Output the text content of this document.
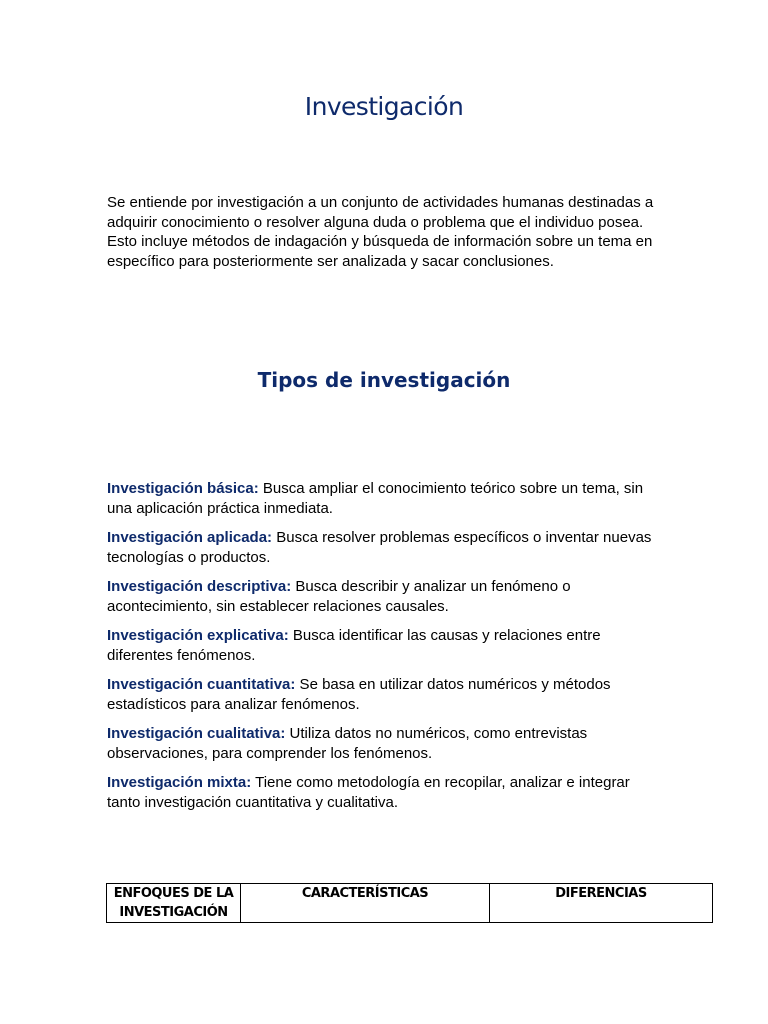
Investigación

Se entiende por investigación a un conjunto de actividades humanas destinadas a adquirir conocimiento o resolver alguna duda o problema que el individuo posea. Esto incluye métodos de indagación y búsqueda de información sobre un tema en específico para posteriormente ser analizada y sacar conclusiones.

Tipos de investigación
Investigación básica: Busca ampliar el conocimiento teórico sobre un tema, sin una aplicación práctica inmediata.
Investigación aplicada: Busca resolver problemas específicos o inventar nuevas tecnologías o productos.
Investigación descriptiva: Busca describir y analizar un fenómeno o acontecimiento, sin establecer relaciones causales.
Investigación explicativa: Busca identificar las causas y relaciones entre diferentes fenómenos.
Investigación cuantitativa: Se basa en utilizar datos numéricos y métodos estadísticos para analizar fenómenos.
Investigación cualitativa: Utiliza datos no numéricos, como entrevistas observaciones, para comprender los fenómenos.
Investigación mixta: Tiene como metodología en recopilar, analizar e integrar tanto investigación cuantitativa y cualitativa.
ENFOQUES DE LA INVESTIGACIÓN	CARACTERÍSTICAS	DIFERENCIAS
